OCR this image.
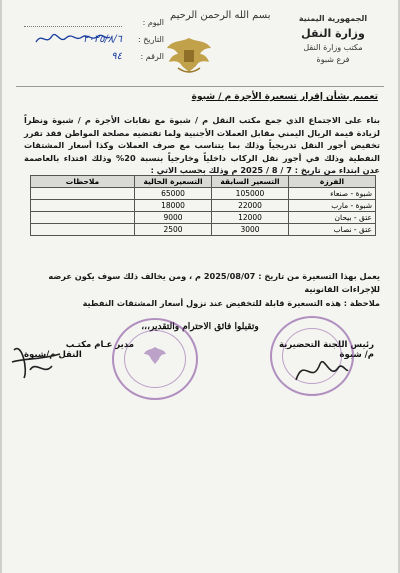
الجمهورية اليمنية
وزارة النقل
مكتب وزارة النقل
فرع شبوة
بسم الله الرحمن الرحيم
اليوم :
التاريخ :
٢٠٢٥/٨/٦
الرقم :
٩٤
تعميم بشأن إقرار تسعيرة الأجرة م / شبوة
بناء على الاجتماع الذي جمع مكتب النقل م / شبوة مع نقابات الأجرة م / شبوة ونظراً لزيادة قيمة الريال اليمني مقابل العملات الأجنبية ولما تقتضيه مصلحة المواطن فقد تقرر تخفيض أجور النقل تدريجياً وذلك بما يتناسب مع صرف العملات وكذا أسعار المشتقات النفطية وذلك في أجور نقل الركاب داخلياً وخارجياً بنسبة 20% وذلك اقتداء بالعاصمة عدن ابتداء من تاريخ : 7 / 8 / 2025 م وذلك بحسب الاتي :
الفرزة	التسعير السابقة	التسعيرة الحالية	ملاحظات
شبوة - صنعاء	105000	65000	
شبوة - مارب	22000	18000	
عتق - بيحان	12000	9000	
عتق - نصاب	3000	2500	
يعمل بهذا التسعيرة من تاريخ : 2025/08/07 م ، ومن يخالف ذلك سوف يكون عرضه للإجراءات القانونية
ملاحظة : هذه التسعيرة قابلة للتخفيض عند نزول أسعار المشتقات النفطية
وتقبلوا فائق الاحترام والتقدير،،،
رئيس اللجنة التحضيرية
م/ شبوة
مدير عـام مكتـب
النقل م/شبوة
